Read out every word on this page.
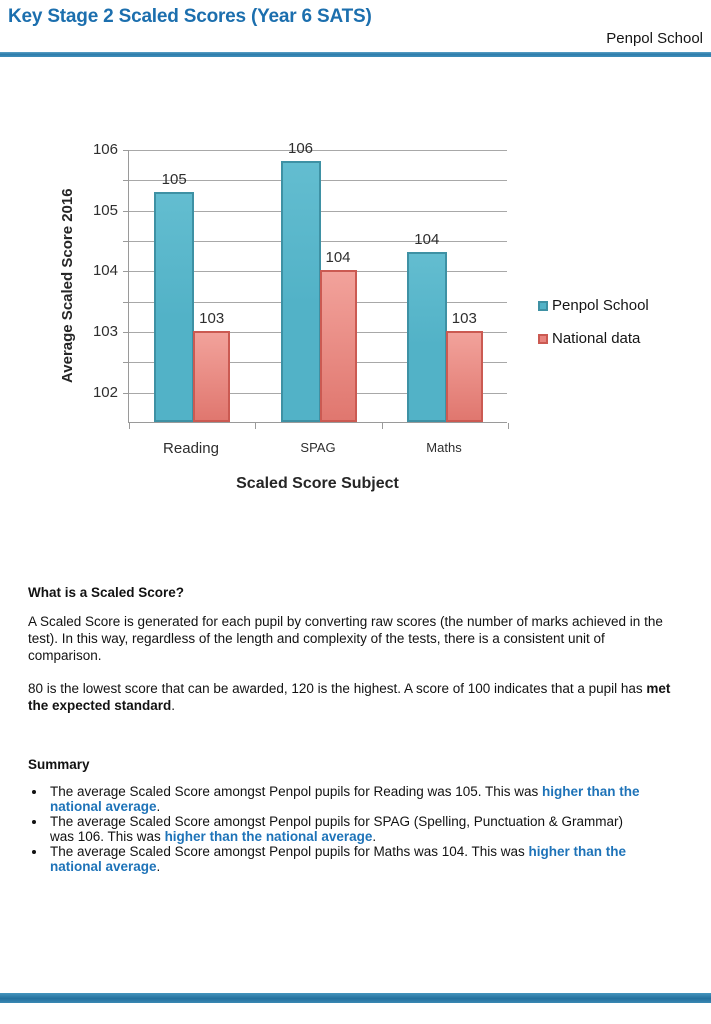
Key Stage 2 Scaled Scores (Year 6 SATS)
Penpol School
Average Scaled Score 2016
105
103
106
104
104
103
102
103
104
105
106
Reading	SPAG	Maths
Scaled Score Subject
Penpol School
National data
What is a Scaled Score?

A Scaled Score is generated for each pupil by converting raw scores (the number of marks achieved in the test). In this way, regardless of the length and complexity of the tests, there is a consistent unit of comparison.

80 is the lowest score that can be awarded, 120 is the highest. A score of 100 indicates that a pupil has met the expected standard.

Summary
• The average Scaled Score amongst Penpol pupils for Reading was 105. This was higher than the national average.
• The average Scaled Score amongst Penpol pupils for SPAG (Spelling, Punctuation & Grammar) was 106. This was higher than the national average.
• The average Scaled Score amongst Penpol pupils for Maths was 104. This was higher than the national average.
